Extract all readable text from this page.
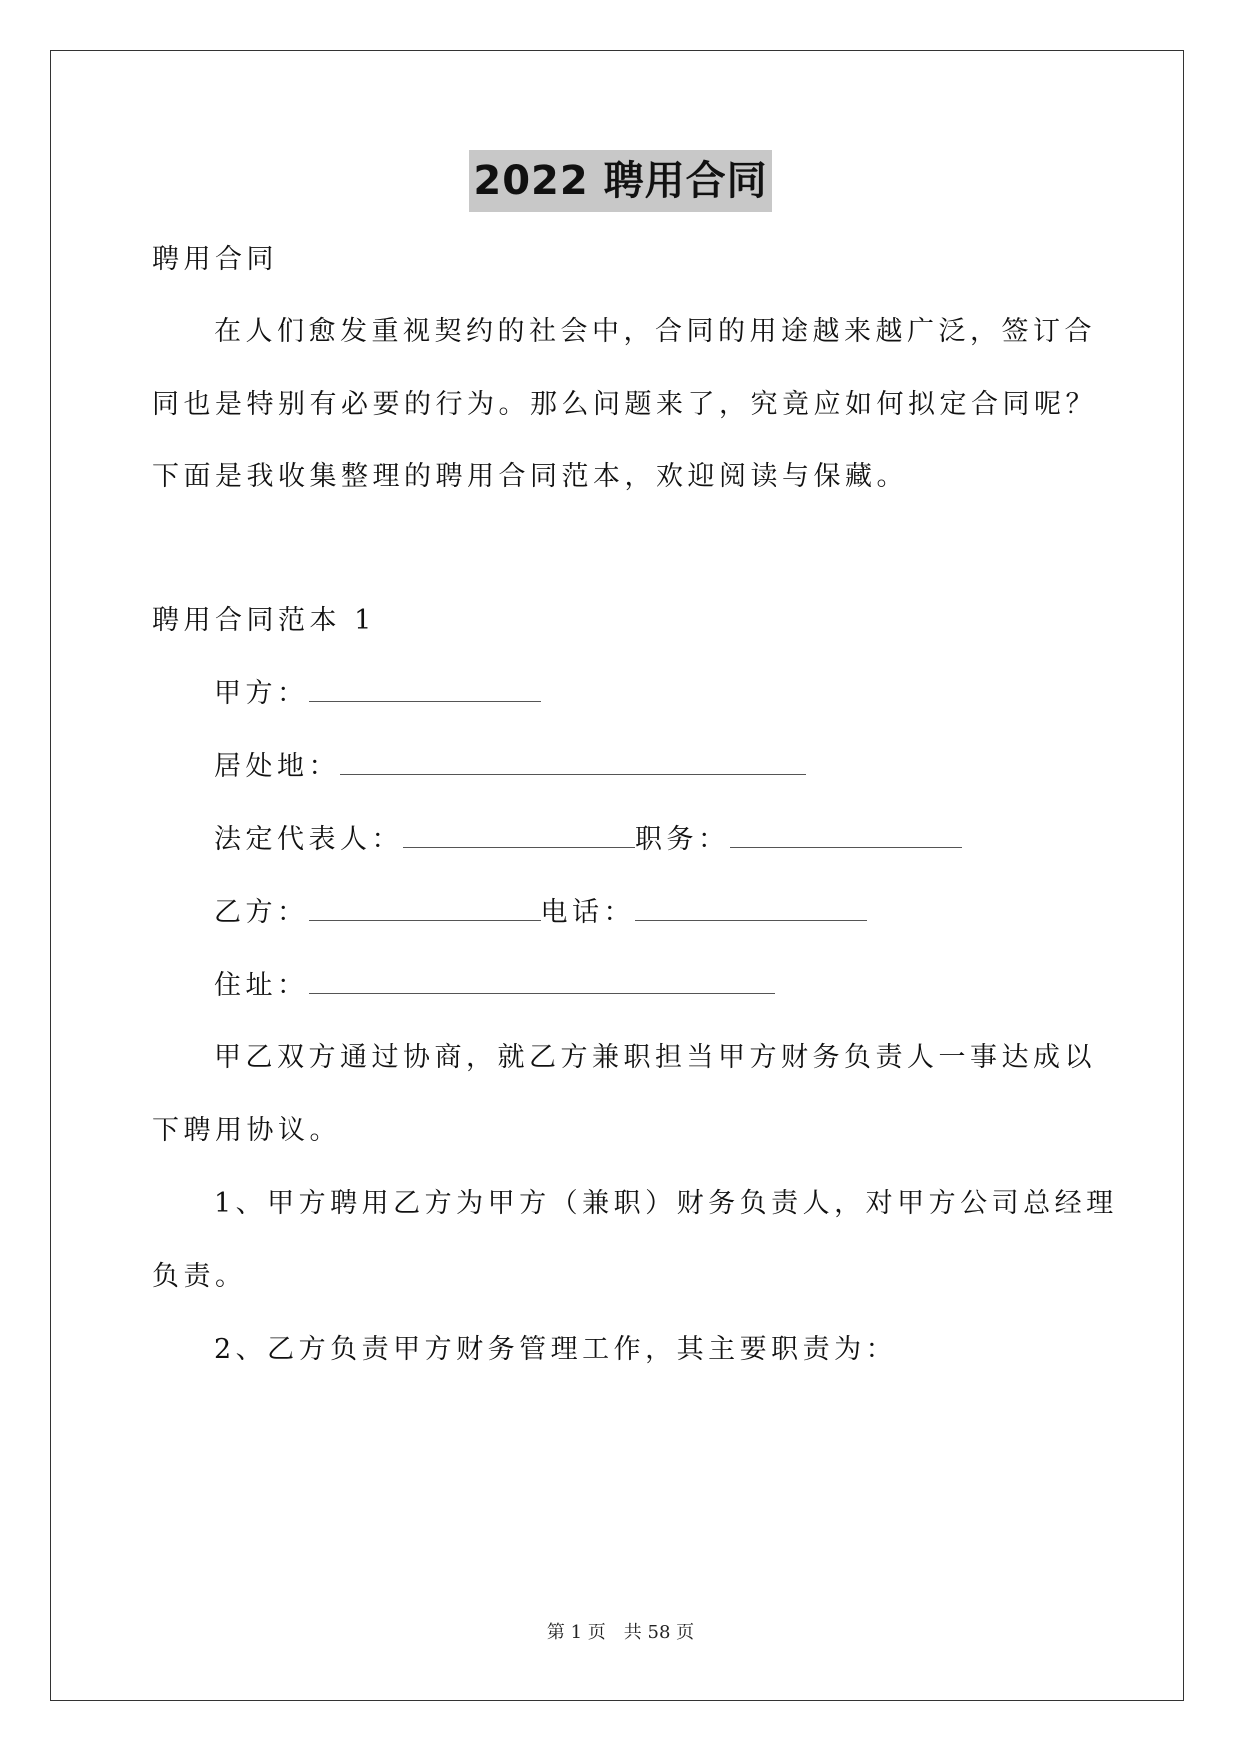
2022 聘用合同
聘用合同
在人们愈发重视契约的社会中，合同的用途越来越广泛，签订合
同也是特别有必要的行为。那么问题来了，究竟应如何拟定合同呢？
下面是我收集整理的聘用合同范本，欢迎阅读与保藏。
聘用合同范本 1
甲方：
居处地：
法定代表人：	职务：
乙方：	电话：
住址：
甲乙双方通过协商，就乙方兼职担当甲方财务负责人一事达成以
下聘用协议。
1、甲方聘用乙方为甲方（兼职）财务负责人，对甲方公司总经理
负责。
2、乙方负责甲方财务管理工作，其主要职责为：
第 1 页 共 58 页
